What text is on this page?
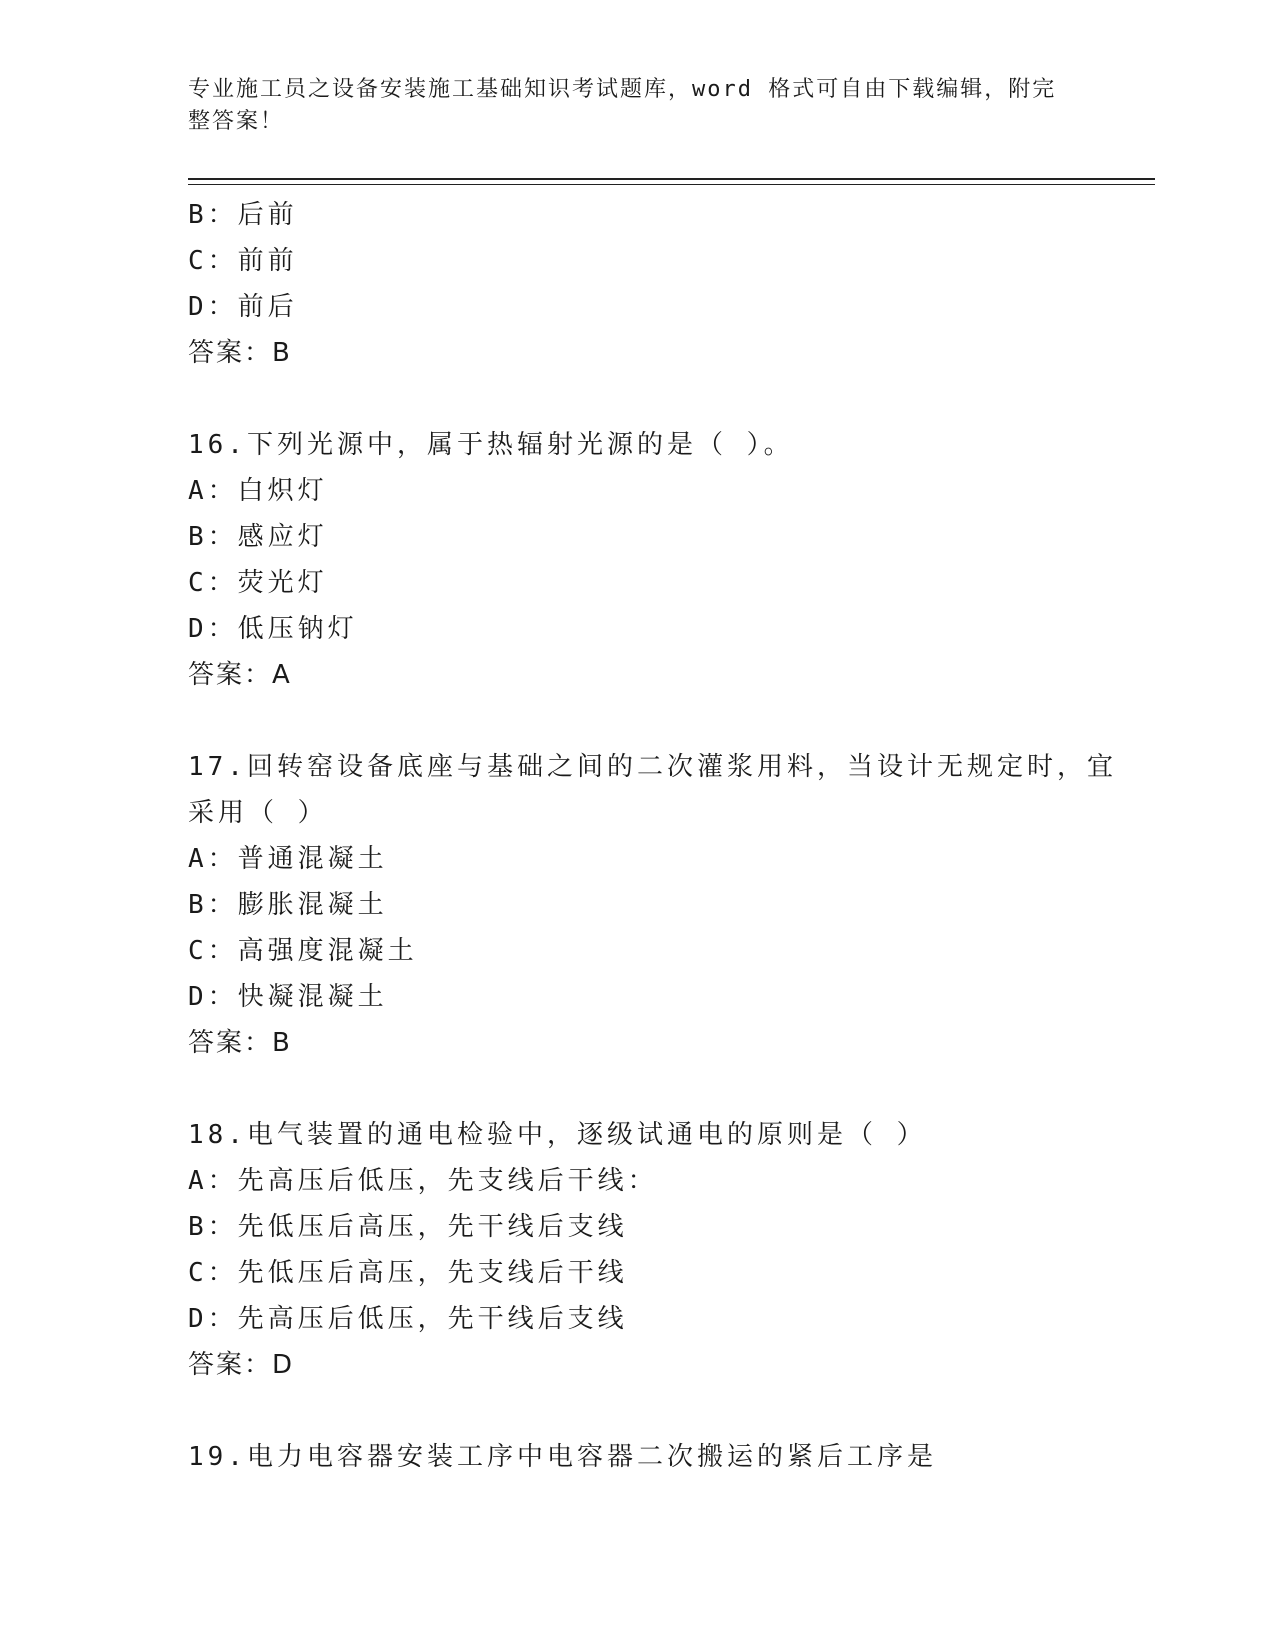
专业施工员之设备安装施工基础知识考试题库，word 格式可自由下载编辑，附完
整答案！
B：后前
C：前前
D：前后
答案：B
16.下列光源中，属于热辐射光源的是（ ）。
A：白炽灯
B：感应灯
C：荧光灯
D：低压钠灯
答案：A
17.回转窑设备底座与基础之间的二次灌浆用料，当设计无规定时，宜
采用（ ）
A：普通混凝土
B：膨胀混凝土
C：高强度混凝土
D：快凝混凝土
答案：B
18.电气装置的通电检验中，逐级试通电的原则是（ ）
A：先高压后低压，先支线后干线：
B：先低压后高压，先干线后支线
C：先低压后高压，先支线后干线
D：先高压后低压，先干线后支线
答案：D
19.电力电容器安装工序中电容器二次搬运的紧后工序是
